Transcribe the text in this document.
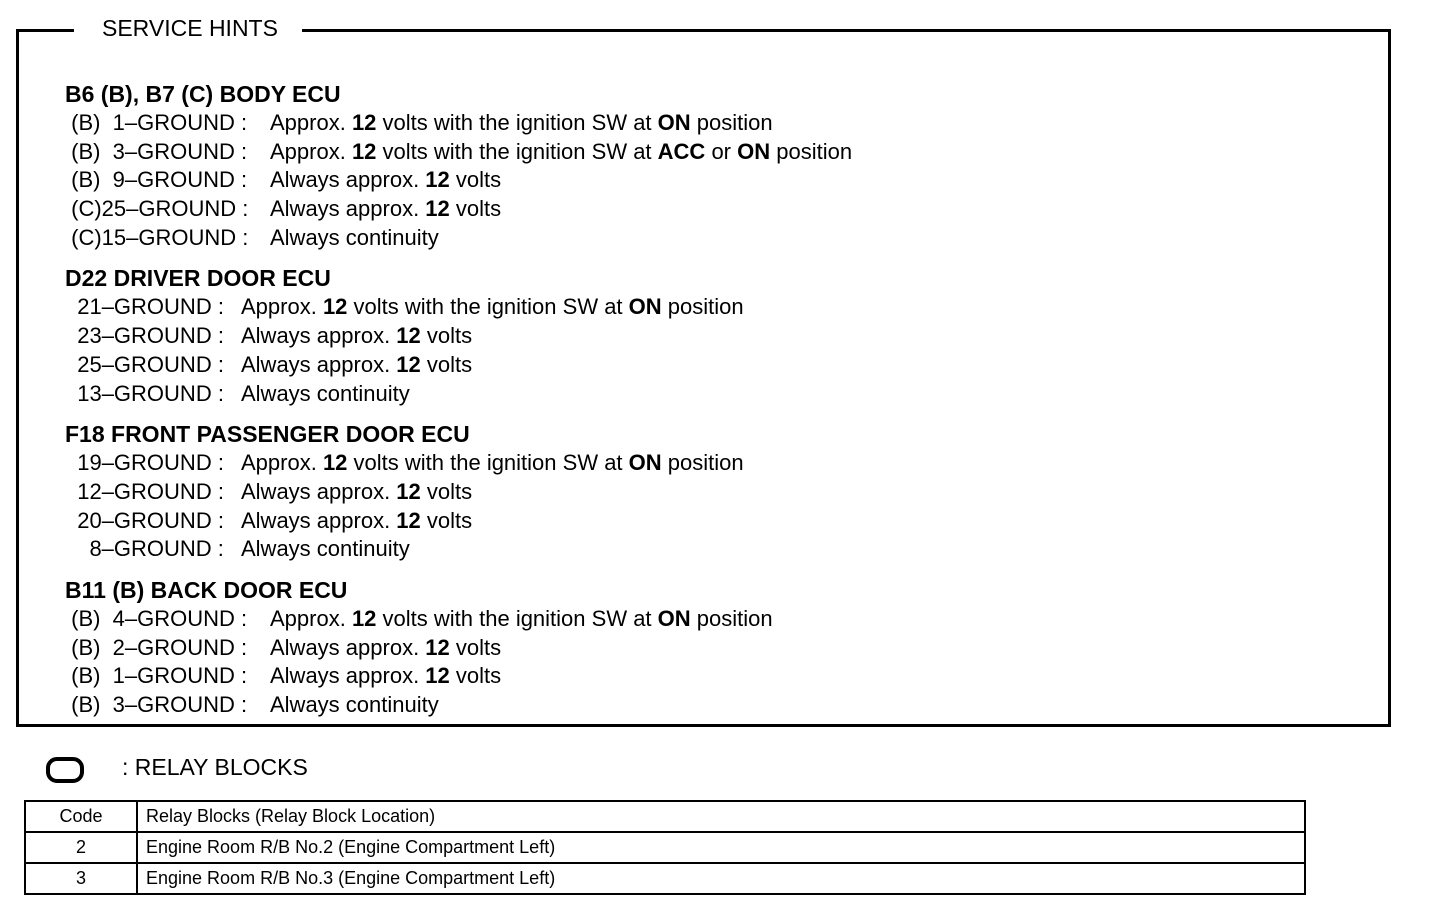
B6 (B), B7 (C) BODY ECU
(B)  1–GROUND : Approx. 12 volts with the ignition SW at ON position
(B)  3–GROUND : Approx. 12 volts with the ignition SW at ACC or ON position
(B)  9–GROUND : Always approx. 12 volts
(C)25–GROUND : Always approx. 12 volts
(C)15–GROUND : Always continuity
D22 DRIVER DOOR ECU
21–GROUND : Approx. 12 volts with the ignition SW at ON position
23–GROUND : Always approx. 12 volts
25–GROUND : Always approx. 12 volts
13–GROUND : Always continuity
F18 FRONT PASSENGER DOOR ECU
19–GROUND : Approx. 12 volts with the ignition SW at ON position
12–GROUND : Always approx. 12 volts
20–GROUND : Always approx. 12 volts
8–GROUND : Always continuity
B11 (B) BACK DOOR ECU
(B)  4–GROUND : Approx. 12 volts with the ignition SW at ON position
(B)  2–GROUND : Always approx. 12 volts
(B)  1–GROUND : Always approx. 12 volts
(B)  3–GROUND : Always continuity
SERVICE HINTS
: RELAY BLOCKS
Code	Relay Blocks (Relay Block Location)
2	Engine Room R/B No.2 (Engine Compartment Left)
3	Engine Room R/B No.3 (Engine Compartment Left)
